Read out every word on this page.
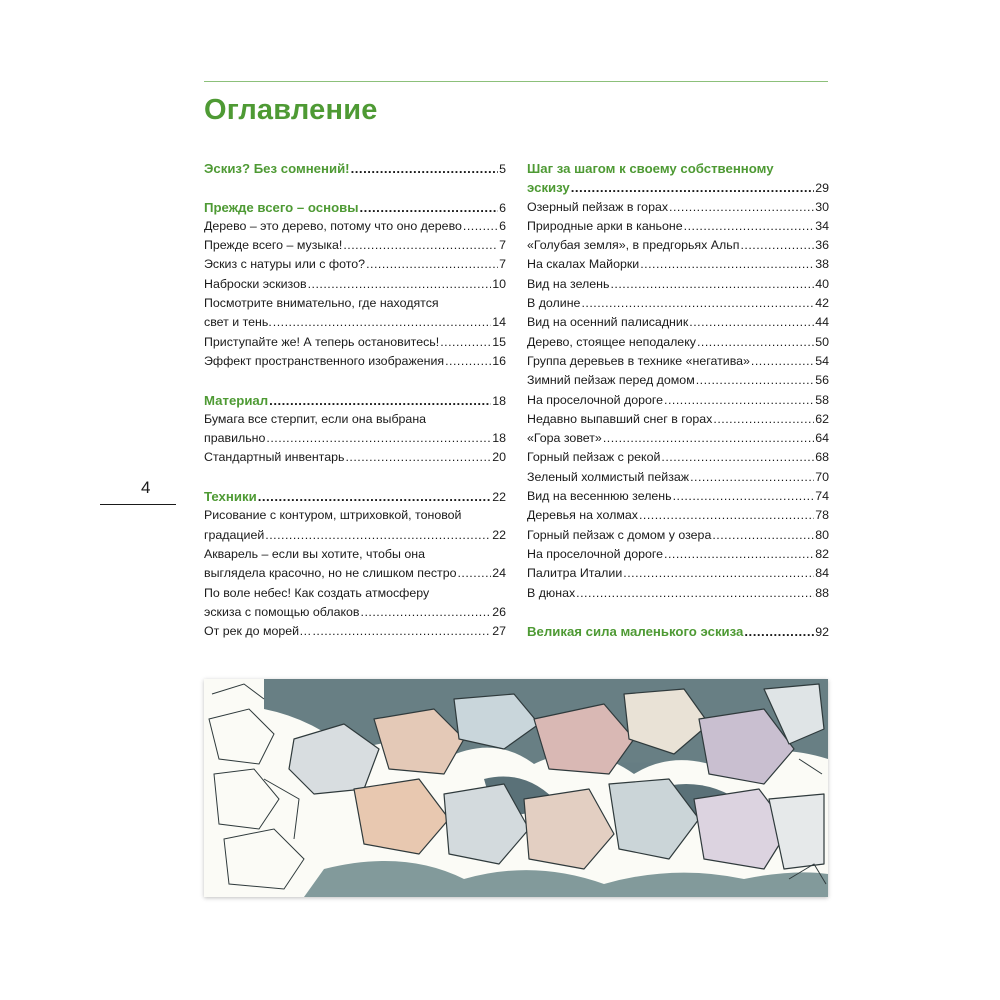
Оглавление
Эскиз? Без сомнений! .....	5
Прежде всего – основы .....	6
Дерево – это дерево, потому что оно дерево .....	6
Прежде всего – музыка! .....	7
Эскиз с натуры или с фото? .....	7
Наброски эскизов .....	10
Посмотрите внимательно, где находятся
свет и тень. .....	14
Приступайте же! А теперь остановитесь! .....	15
Эффект пространственного изображения .....	16
Материал .....	18
Бумага все стерпит, если она выбрана
правильно .....	18
Стандартный инвентарь .....	20
Техники .....	22
Рисование с контуром, штриховкой, тоновой
градацией .....	22
Акварель – если вы хотите, чтобы она
выглядела красочно, но не слишком пестро .....	24
По воле небес! Как создать атмосферу
эскиза с помощью облаков .....	26
От рек до морей… .....	27
Шаг за шагом к своему собственному
эскизу .....	29
Озерный пейзаж в горах .....	30
Природные арки в каньоне .....	34
«Голубая земля», в предгорьях Альп .....	36
На скалах Майорки .....	38
Вид на зелень .....	40
В долине .....	42
Вид на осенний палисадник .....	44
Дерево, стоящее неподалеку .....	50
Группа деревьев в технике «негатива» .....	54
Зимний пейзаж перед домом .....	56
На проселочной дороге .....	58
Недавно выпавший снег в горах .....	62
«Гора зовет» .....	64
Горный пейзаж с рекой .....	68
Зеленый холмистый пейзаж .....	70
Вид на весеннюю зелень .....	74
Деревья на холмах .....	78
Горный пейзаж с домом у озера .....	80
На проселочной дороге .....	82
Палитра Италии .....	84
В дюнах .....	88
Великая сила маленького эскиза .....	92
4
